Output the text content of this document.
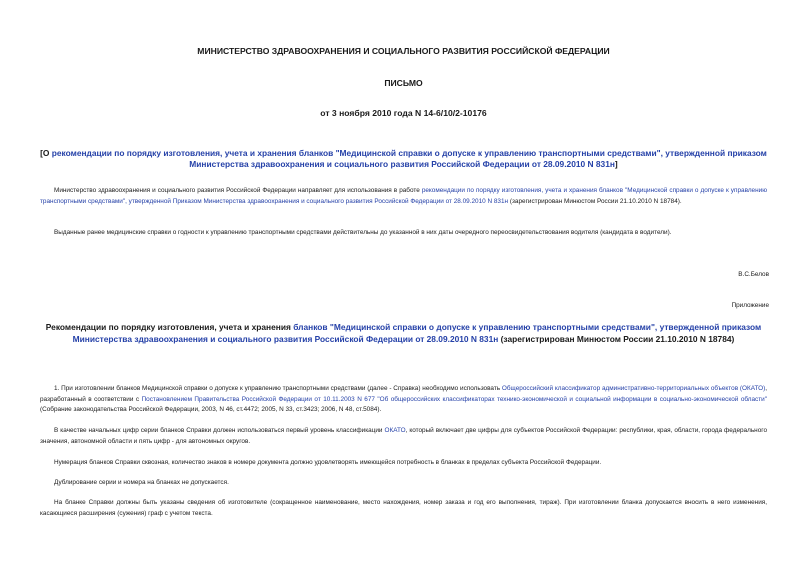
МИНИСТЕРСТВО ЗДРАВООХРАНЕНИЯ И СОЦИАЛЬНОГО РАЗВИТИЯ РОССИЙСКОЙ ФЕДЕРАЦИИ
ПИСЬМО
от 3 ноября 2010 года N 14-6/10/2-10176
[О рекомендации по порядку изготовления, учета и хранения бланков "Медицинской справки о допуске к управлению транспортными средствами", утвержденной приказом Министерства здравоохранения и социального развития Российской Федерации от 28.09.2010 N 831н]
Министерство здравоохранения и социального развития Российской Федерации направляет для использования в работе рекомендации по порядку изготовления, учета и хранения бланков "Медицинской справки о допуске к управлению транспортными средствами", утвержденной Приказом Министерства здравоохранения и социального развития Российской Федерации от 28.09.2010 N 831н (зарегистрирован Минюстом России 21.10.2010 N 18784).
Выданные ранее медицинские справки о годности к управлению транспортными средствами действительны до указанной в них даты очередного переосвидетельствования водителя (кандидата в водители).
В.С.Белов
Приложение
Рекомендации по порядку изготовления, учета и хранения бланков "Медицинской справки о допуске к управлению транспортными средствами", утвержденной приказом Министерства здравоохранения и социального развития Российской Федерации от 28.09.2010 N 831н (зарегистрирован Минюстом России 21.10.2010 N 18784)
1. При изготовлении бланков Медицинской справки о допуске к управлению транспортными средствами (далее - Справка) необходимо использовать Общероссийский классификатор административно-территориальных объектов (ОКАТО), разработанный в соответствии с Постановлением Правительства Российской Федерации от 10.11.2003 N 677 "Об общероссийских классификаторах технико-экономической и социальной информации в социально-экономической области" (Собрание законодательства Российской Федерации, 2003, N 46, ст.4472; 2005, N 33, ст.3423; 2006, N 48, ст.5084).
В качестве начальных цифр серии бланков Справки должен использоваться первый уровень классификации ОКАТО, который включает две цифры для субъектов Российской Федерации: республики, края, области, города федерального значения, автономной области и пять цифр - для автономных округов.
Нумерация бланков Справки сквозная, количество знаков в номере документа должно удовлетворять имеющейся потребность в бланках в пределах субъекта Российской Федерации.
Дублирование серии и номера на бланках не допускается.
На бланке Справки должны быть указаны сведения об изготовителе (сокращенное наименование, место нахождения, номер заказа и год его выполнения, тираж). При изготовлении бланка допускается вносить в него изменения, касающиеся расширения (сужения) граф с учетом текста.
